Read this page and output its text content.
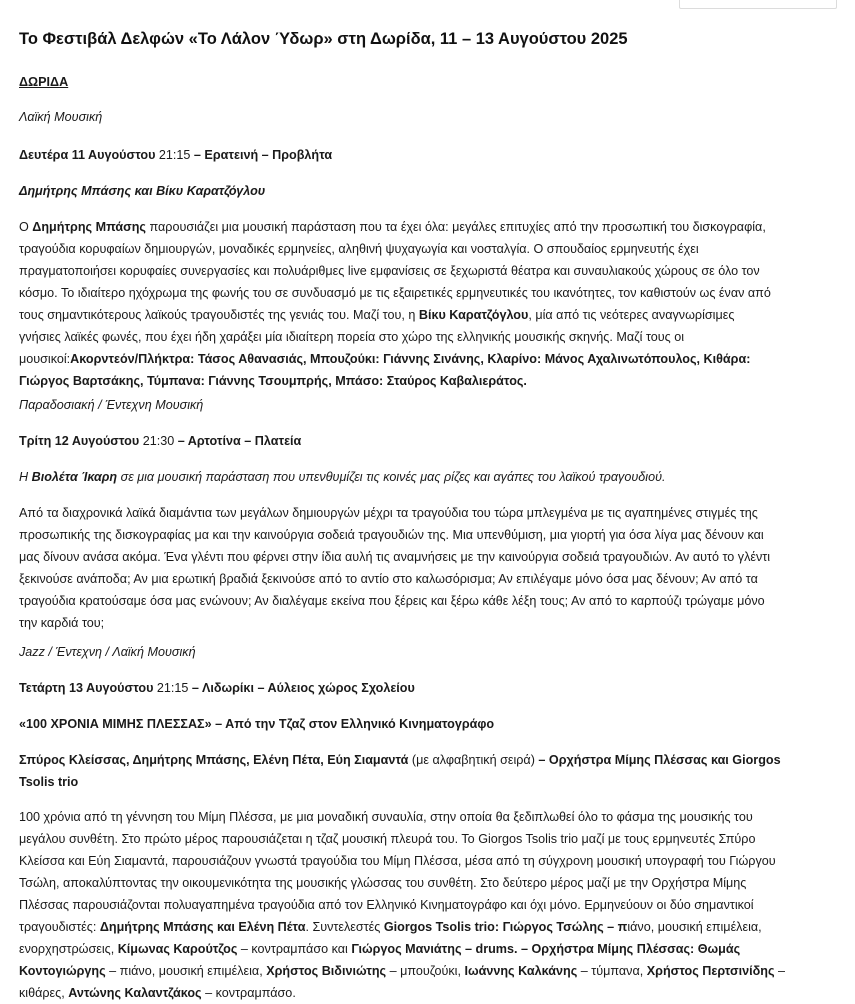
Το Φεστιβάλ Δελφών «Το Λάλον Ύδωρ» στη Δωρίδα, 11 – 13 Αυγούστου 2025

ΔΩΡΙΔΑ

Λαϊκή Μουσική

Δευτέρα 11 Αυγούστου 21:15 – Ερατεινή – Προβλήτα

Δημήτρης Μπάσης και Βίκυ Καρατζόγλου

Ο Δημήτρης Μπάσης παρουσιάζει μια μουσική παράσταση που τα έχει όλα: μεγάλες επιτυχίες από την προσωπική του δισκογραφία,
τραγούδια κορυφαίων δημιουργών, μοναδικές ερμηνείες, αληθινή ψυχαγωγία και νοσταλγία. Ο σπουδαίος ερμηνευτής έχει
πραγματοποιήσει κορυφαίες συνεργασίες και πολυάριθμες live εμφανίσεις σε ξεχωριστά θέατρα και συναυλιακούς χώρους σε όλο τον
κόσμο. Το ιδιαίτερο ηχόχρωμα της φωνής του σε συνδυασμό με τις εξαιρετικές ερμηνευτικές του ικανότητες, τον καθιστούν ως έναν από
τους σημαντικότερους λαϊκούς τραγουδιστές της γενιάς του. Μαζί του, η Βίκυ Καρατζόγλου, μία από τις νεότερες αναγνωρίσιμες
γνήσιες λαϊκές φωνές, που έχει ήδη χαράξει μία ιδιαίτερη πορεία στο χώρο της ελληνικής μουσικής σκηνής. Μαζί τους οι
μουσικοί:Ακορντεόν/Πλήκτρα: Τάσος Αθανασιάς, Μπουζούκι: Γιάννης Σινάνης, Κλαρίνο: Μάνος Αχαλινωτόπουλος, Κιθάρα:
Γιώργος Βαρτσάκης, Τύμπανα: Γιάννης Τσουμπρής, Μπάσο: Σταύρος Καβαλιεράτος.

Παραδοσιακή / Έντεχνη Μουσική

Τρίτη 12 Αυγούστου 21:30 – Αρτοτίνα – Πλατεία

Η Βιολέτα Ίκαρη σε μια μουσική παράσταση που υπενθυμίζει τις κοινές μας ρίζες και αγάπες του λαϊκού τραγουδιού.

Από τα διαχρονικά λαϊκά διαμάντια των μεγάλων δημιουργών μέχρι τα τραγούδια του τώρα μπλεγμένα με τις αγαπημένες στιγμές της
προσωπικής της δισκογραφίας μα και την καινούργια σοδειά τραγουδιών της. Μια υπενθύμιση, μια γιορτή για όσα λίγα μας δένουν και
μας δίνουν ανάσα ακόμα. Ένα γλέντι που φέρνει στην ίδια αυλή τις αναμνήσεις με την καινούργια σοδειά τραγουδιών. Αν αυτό το γλέντι
ξεκινούσε ανάποδα; Αν μια ερωτική βραδιά ξεκινούσε από το αντίο στο καλωσόρισμα; Αν επιλέγαμε μόνο όσα μας δένουν; Αν από τα
τραγούδια κρατούσαμε όσα μας ενώνουν; Αν διαλέγαμε εκείνα που ξέρεις και ξέρω κάθε λέξη τους; Αν από το καρπούζι τρώγαμε μόνο
την καρδιά του;

Jazz / Έντεχνη / Λαϊκή Μουσική

Τετάρτη 13 Αυγούστου 21:15 – Λιδωρίκι – Αύλειος χώρος Σχολείου

«100 ΧΡΟΝΙΑ ΜΙΜΗΣ ΠΛΕΣΣΑΣ» – Από την Τζαζ στον Ελληνικό Κινηματογράφο

Σπύρος Κλείσσας, Δημήτρης Μπάσης, Ελένη Πέτα, Εύη Σιαμαντά (με αλφαβητική σειρά) – Ορχήστρα Μίμης Πλέσσας και Giorgos
Tsolis trio

100 χρόνια από τη γέννηση του Μίμη Πλέσσα, με μια μοναδική συναυλία, στην οποία θα ξεδιπλωθεί όλο το φάσμα της μουσικής του
μεγάλου συνθέτη. Στο πρώτο μέρος παρουσιάζεται η τζαζ μουσική πλευρά του. Το Giorgos Tsolis trio μαζί με τους ερμηνευτές Σπύρο
Κλείσσα και Εύη Σιαμαντά, παρουσιάζουν γνωστά τραγούδια του Μίμη Πλέσσα, μέσα από τη σύγχρονη μουσική υπογραφή του Γιώργου
Τσώλη, αποκαλύπτοντας την οικουμενικότητα της μουσικής γλώσσας του συνθέτη. Στο δεύτερο μέρος μαζί με την Ορχήστρα Μίμης
Πλέσσας παρουσιάζονται πολυαγαπημένα τραγούδια από τον Ελληνικό Κινηματογράφο και όχι μόνο. Ερμηνεύουν οι δύο σημαντικοί
τραγουδιστές: Δημήτρης Μπάσης και Ελένη Πέτα. Συντελεστές Giorgos Tsolis trio: Γιώργος Τσώλης – πιάνο, μουσική επιμέλεια,
ενορχηστρώσεις, Κίμωνας Καρούτζος – κοντραμπάσο και Γιώργος Μανιάτης – drums. – Ορχήστρα Μίμης Πλέσσας: Θωμάς
Κοντογιώργης – πιάνο, μουσική επιμέλεια, Χρήστος Βιδινιώτης – μπουζούκι, Ιωάννης Καλκάνης – τύμπανα, Χρήστος Περτσινίδης –
κιθάρες, Αντώνης Καλαντζάκος – κοντραμπάσο.
